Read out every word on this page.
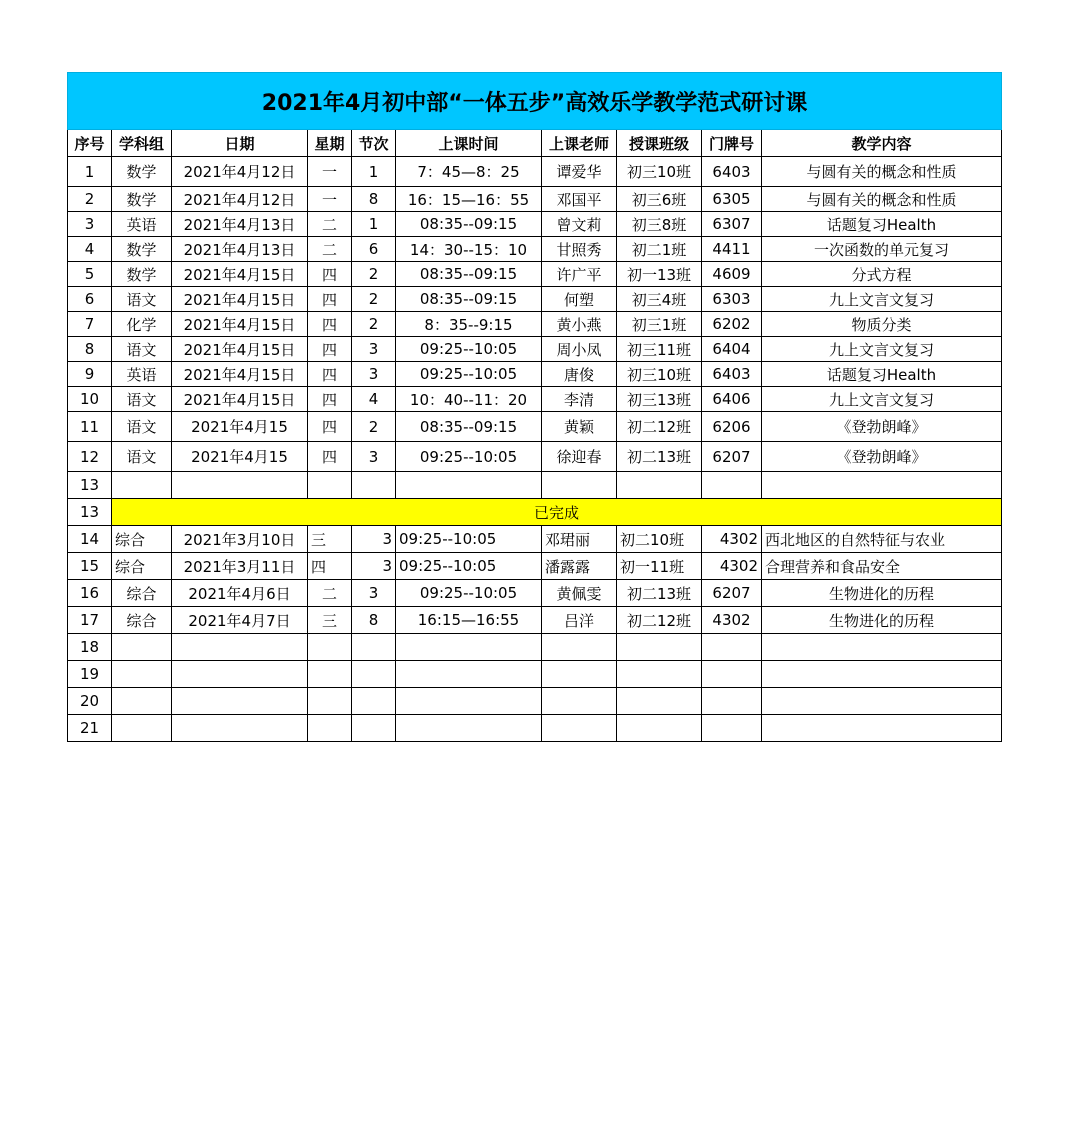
2021年4月初中部“一体五步”高效乐学教学范式研讨课									
序号	学科组	日期	星期	节次	上课时间	上课老师	授课班级	门牌号	教学内容
1	数学	2021年4月12日	一	1	7：45—8：25	谭爱华	初三10班	6403	与圆有关的概念和性质
2	数学	2021年4月12日	一	8	16：15—16：55	邓国平	初三6班	6305	与圆有关的概念和性质
3	英语	2021年4月13日	二	1	08:35--09:15	曾文莉	初三8班	6307	话题复习Health
4	数学	2021年4月13日	二	6	14：30--15：10	甘照秀	初二1班	4411	一次函数的单元复习
5	数学	2021年4月15日	四	2	08:35--09:15	许广平	初一13班	4609	分式方程
6	语文	2021年4月15日	四	2	08:35--09:15	何塑	初三4班	6303	九上文言文复习
7	化学	2021年4月15日	四	2	8：35--9:15	黄小燕	初三1班	6202	物质分类
8	语文	2021年4月15日	四	3	09:25--10:05	周小凤	初三11班	6404	九上文言文复习
9	英语	2021年4月15日	四	3	09:25--10:05	唐俊	初三10班	6403	话题复习Health
10	语文	2021年4月15日	四	4	10：40--11：20	李清	初三13班	6406	九上文言文复习
11	语文	2021年4月15	四	2	08:35--09:15	黄颖	初二12班	6206	《登勃朗峰》
12	语文	2021年4月15	四	3	09:25--10:05	徐迎春	初二13班	6207	《登勃朗峰》
13									
13	已完成								
14	综合	2021年3月10日	三	3	09:25--10:05	邓珺丽	初二10班	4302	西北地区的自然特征与农业
15	综合	2021年3月11日	四	3	09:25--10:05	潘露露	初一11班	4302	合理营养和食品安全
16	综合	2021年4月6日	二	3	09:25--10:05	黄佩雯	初二13班	6207	生物进化的历程
17	综合	2021年4月7日	三	8	16:15—16:55	吕洋	初二12班	4302	生物进化的历程
18									
19									
20									
21									
